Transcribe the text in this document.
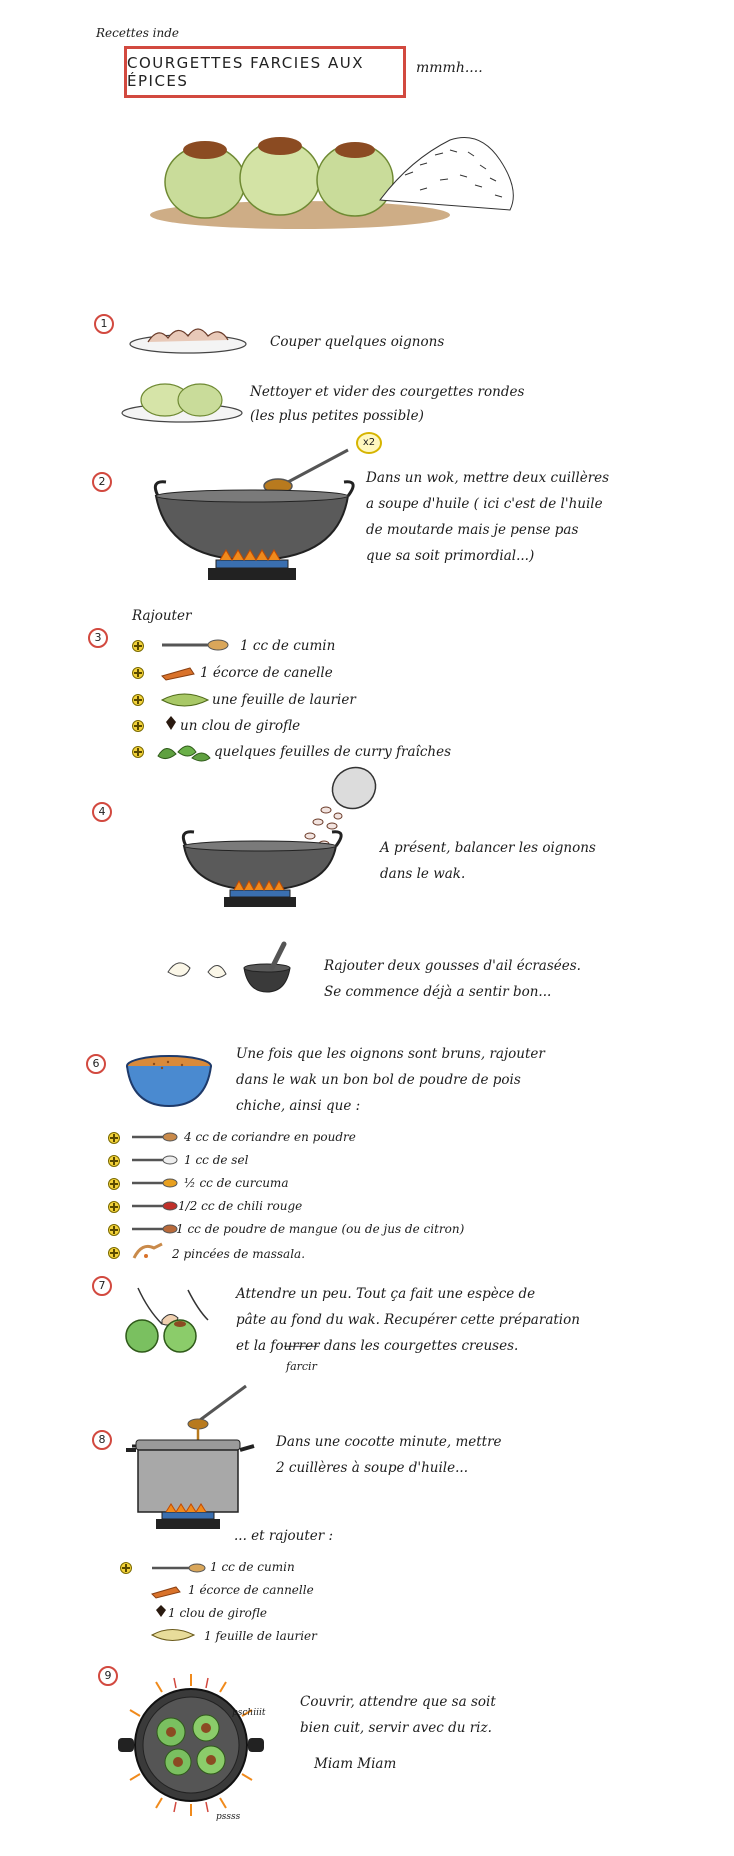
Recettes inde
COURGETTES FARCIES AUX ÉPICES
mmmh....
1
Couper quelques oignons
Nettoyer et vider des courgettes rondes
(les plus petites possible)
2
x2
Dans un wok, mettre deux cuillères
a soupe d'huile ( ici c'est de l'huile
de moutarde mais je pense pas
que sa soit primordial...)
Rajouter
3
1 cc de cumin
1 écorce de canelle
une feuille de laurier
un clou de girofle
quelques feuilles de curry fraîches
4
A présent, balancer les oignons
dans le wak.
Rajouter deux gousses d'ail écrasées.
Se commence déjà a sentir bon...
6
Une fois que les oignons sont bruns, rajouter
dans le wak un bon bol de poudre de pois
chiche, ainsi que :
4 cc de coriandre en poudre
1 cc de sel
½ cc de curcuma
1/2 cc de chili rouge
1 cc de poudre de mangue (ou de jus de citron)
2 pincées de massala.
7
Attendre un peu. Tout ça fait une espèce de
pâte au fond du wak. Recupérer cette préparation
et la fou̶r̶r̶e̶r̶ dans les courgettes creuses.
farcir
8	Dans une cocotte minute, mettre
2 cuillères à soupe d'huile...
... et rajouter :
1 cc de cumin
1 écorce de cannelle
1 clou de girofle
1 feuille de laurier
9
pschiiit
pssss
Couvrir, attendre que sa soit
bien cuit, servir avec du riz.
Miam Miam
